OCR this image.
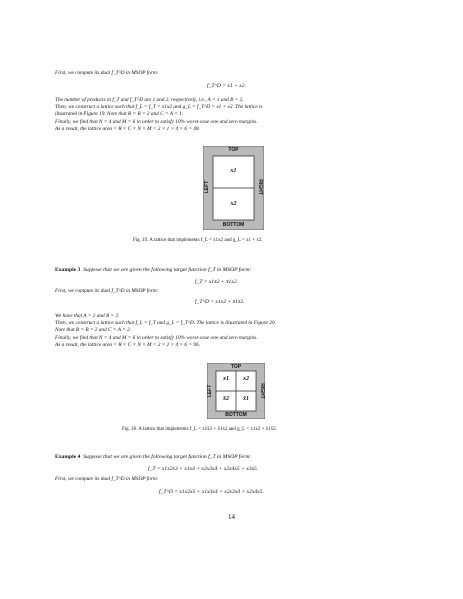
First, we compute its dual f_T^D in MSOP form:
f_T^D = x1 + x2.
The number of products in f_T and f_T^D are 1 and 2, respectively, i.e., A = 1 and B = 2.
Then, we construct a lattice such that f_L = f_T = x1x2 and g_L = f_T^D = x1 + x2. The lattice is
illustrated in Figure 19. Note that R = B = 2 and C = A = 1.
Finally, we find that N = 4 and M = 6 in order to satisfy 10% worst-case one and zero margins.
As a result, the lattice area = R × C × N × M = 2 × 1 × 4 × 6 = 48.
TOP
BOTTOM
LEFT	RIGHT
x1
x2
Fig. 19. A lattice that implements f_L = x1x2 and g_L = x1 + x2.
Example 3 Suppose that we are given the following target function f_T in MSOP form:
f_T = x1x̄2 + x̄1x2.
First, we compute its dual f_T^D in MSOP form:
f_T^D = x1x2 + x̄1x̄2.
We have that A = 2 and B = 2.
Then, we construct a lattice such that f_L = f_T and g_L = f_T^D. The lattice is illustrated in Figure 20.
Note that R = B = 2 and C = A = 2.
Finally, we find that N = 4 and M = 6 in order to satisfy 10% worst-case one and zero margins.
As a result, the lattice area = R × C × N × M = 2 × 2 × 4 × 6 = 96.
TOP
BOTTOM
LEFT	RIGHT
x1	x2
x̄2	x̄1
Fig. 20. A lattice that implements f_L = x1x̄2 + x̄1x2 and g_L = x1x2 + x̄1x̄2.
Example 4 Suppose that we are given the following target function f_T in MSOP form:
f_T = x1x2x3 + x1x4 + x2x3x4 + x2x4x5 + x3x5.
First, we compute its dual f_T^D in MSOP form:
f_T^D = x1x2x5 + x1x3x4 + x2x3x4 + x2x4x5.
14
